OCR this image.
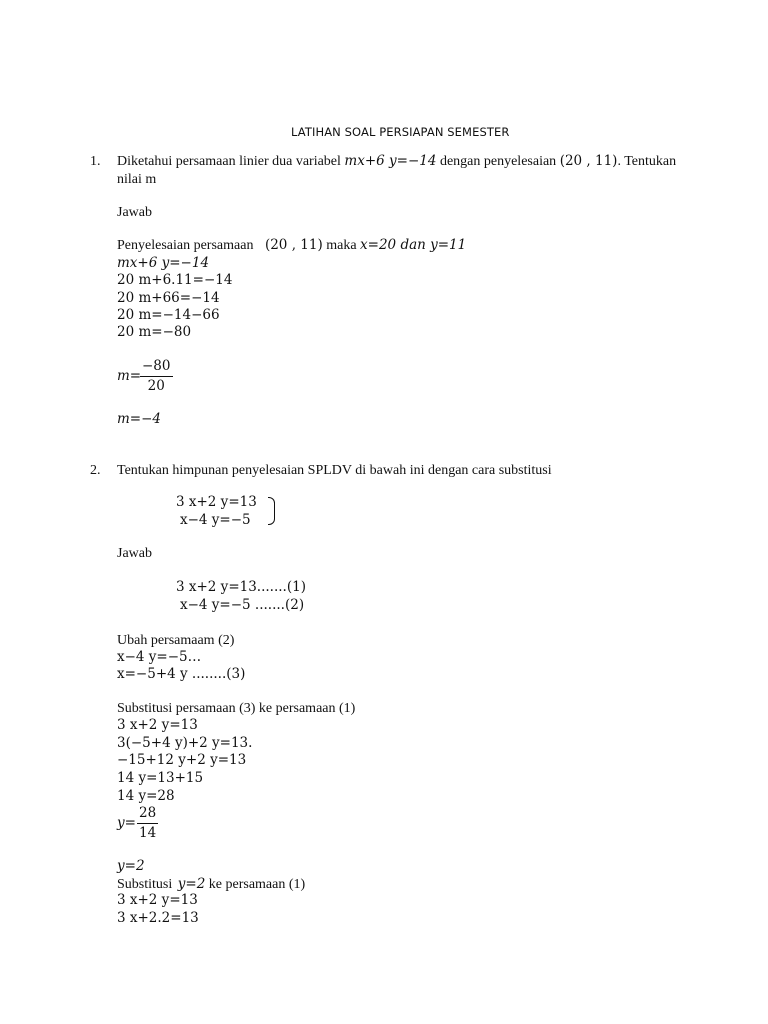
LATIHAN SOAL PERSIAPAN SEMESTER
1. Diketahui persamaan linier dua variabel mx+6 y=−14 dengan penyelesaian (20 , 11). Tentukan
nilai m
Jawab
Penyelesaian persamaan (20 , 11) maka x=20 dan y=11
mx+6 y=−14
20 m+6.11=−14
20 m+66=−14
20 m=−14−66
20 m=−80
m=
$\frac{-80}{20}$
m=−4
2. Tentukan himpunan penyelesaian SPLDV di bawah ini dengan cara substitusi
3 x+2 y=13
x−4 y=−5
Jawab
3 x+2 y=13.......(1)
x−4 y=−5 .......(2)
Ubah persamaam (2)
x−4 y=−5…
x=−5+4 y ........(3)
Substitusi persamaan (3) ke persamaan (1)
3 x+2 y=13
3(−5+4 y)+2 y=13.
−15+12 y+2 y=13
14 y=13+15
14 y=28
$y= \frac{28}{14}$
y=2
Substitusi y=2 ke persamaan (1)
3 x+2 y=13
3 x+2.2=13
